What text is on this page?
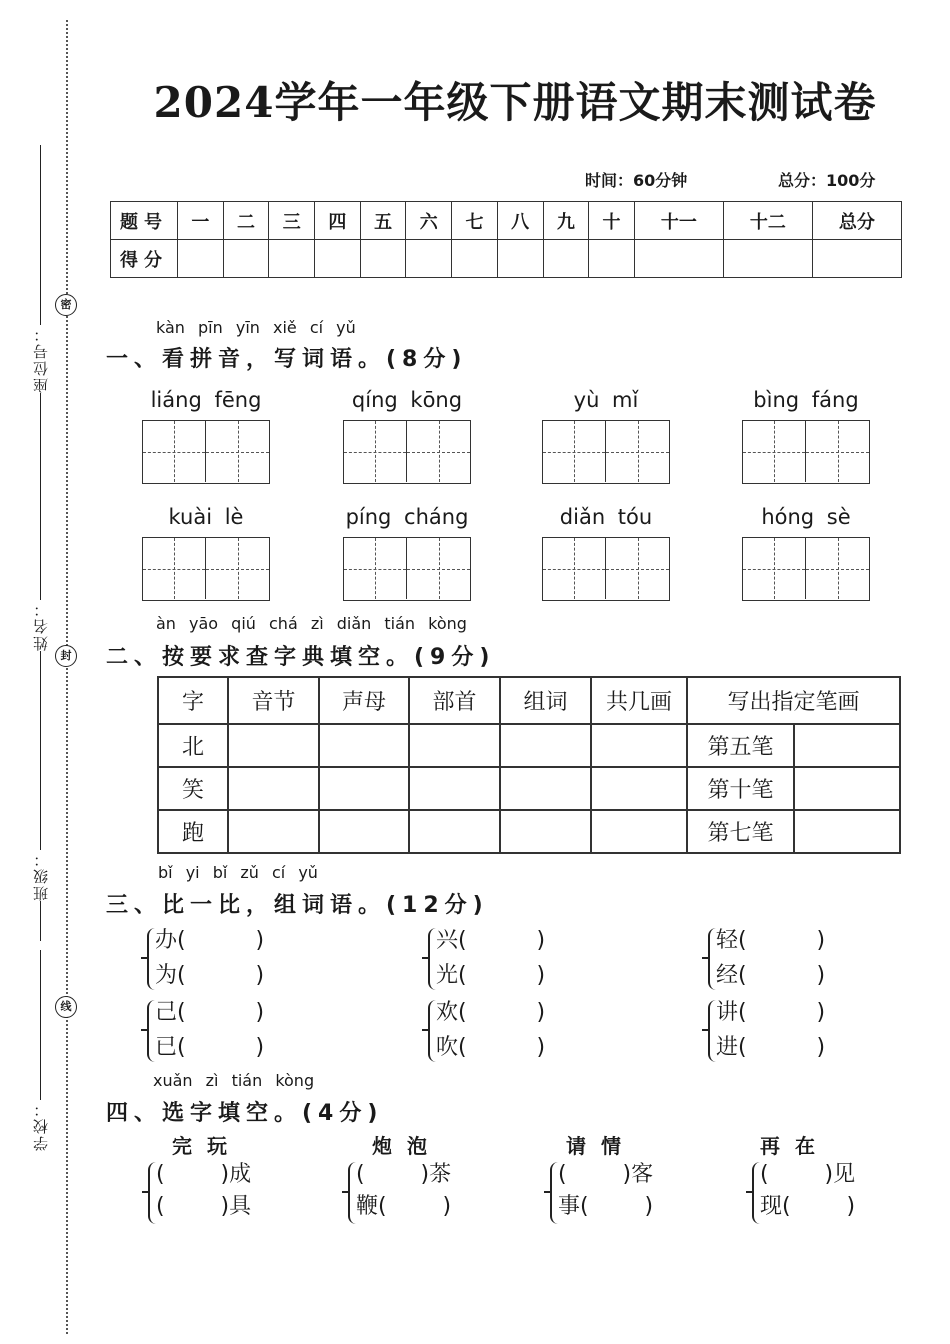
密
封
线
座位号：
姓名：
班级：
学校：
2024学年一年级下册语文期末测试卷
时间：60分钟	总分：100分
题号	一	二	三	四	五	六	七	八	九	十	十一	十二	总分
得分													
kàn pīn yīn xiě cí yǔ
一、看拼音，写词语。(8分)
liáng fēng	qíng kōng	yù mǐ	bìng fáng
kuài lè	píng cháng	diǎn tóu	hóng sè
àn yāo qiú chá zì diǎn tián kòng
二、按要求查字典填空。(9分)
字	音节	声母	部首	组词	共几画	写出指定笔画	
北						第五笔	
笑						第十笔	
跑						第七笔	
bǐ yi bǐ zǔ cí yǔ
三、比一比，组词语。(12分)
办(          )
为(          )
兴(          )
光(          )
轻(          )
经(          )
己(          )
已(          )
欢(          )
吹(          )
讲(          )
进(          )
xuǎn zì tián kòng
四、选字填空。(4分)
完 玩	炮 泡	请 情	再 在
(        )成
(        )具
(        )茶
鞭(        )
(        )客
事(        )
(        )见
现(        )
